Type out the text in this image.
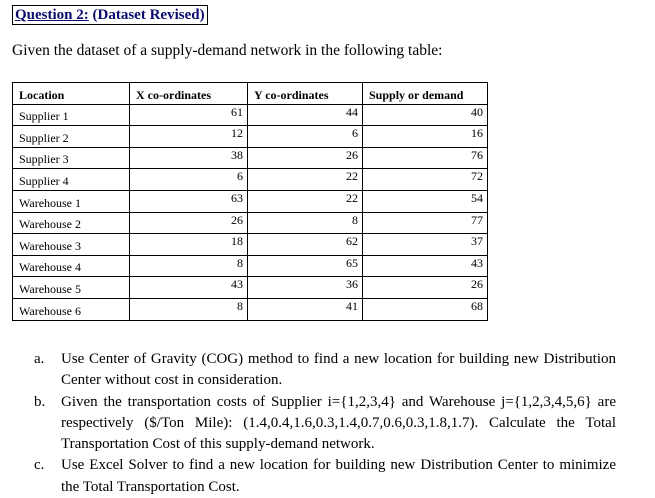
Question 2: (Dataset Revised)
Given the dataset of a supply-demand network in the following table:
Location	X co-ordinates	Y co-ordinates	Supply or demand
Supplier 1	61	44	40
Supplier 2	12	6	16
Supplier 3	38	26	76
Supplier 4	6	22	72
Warehouse 1	63	22	54
Warehouse 2	26	8	77
Warehouse 3	18	62	37
Warehouse 4	8	65	43
Warehouse 5	43	36	26
Warehouse 6	8	41	68
a.	Use Center of Gravity (COG) method to find a new location for building new Distribution Center without cost in consideration.
b.	Given the transportation costs of Supplier i={1,2,3,4} and Warehouse j={1,2,3,4,5,6} are respectively ($/Ton Mile): (1.4,0.4,1.6,0.3,1.4,0.7,0.6,0.3,1.8,1.7). Calculate the Total Transportation Cost of this supply-demand network.
c.	Use Excel Solver to find a new location for building new Distribution Center to minimize the Total Transportation Cost.
